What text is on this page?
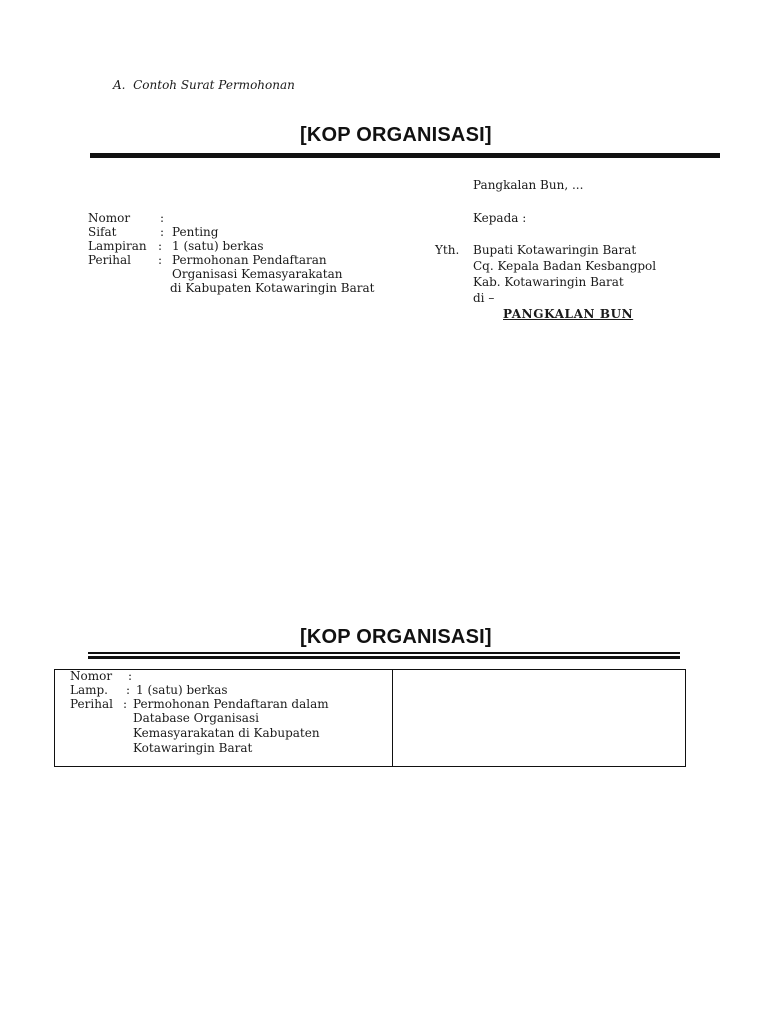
A.  Contoh Surat Permohonan
[KOP ORGANISASI]
Pangkalan Bun, ...
Nomor :
Sifat	: Penting
Lampiran : 1 (satu) berkas
Perihal : Permohonan Pendaftaran
Organisasi Kemasyarakatan
di Kabupaten Kotawaringin Barat
Kepada :
Yth. Bupati Kotawaringin Barat
Cq. Kepala Badan Kesbangpol
Kab. Kotawaringin Barat
di –
PANGKALAN BUN
[KOP ORGANISASI]
Nomor :
Lamp. : 1 (satu) berkas
Perihal : Permohonan Pendaftaran dalam
Database Organisasi
Kemasyarakatan di Kabupaten
Kotawaringin Barat
